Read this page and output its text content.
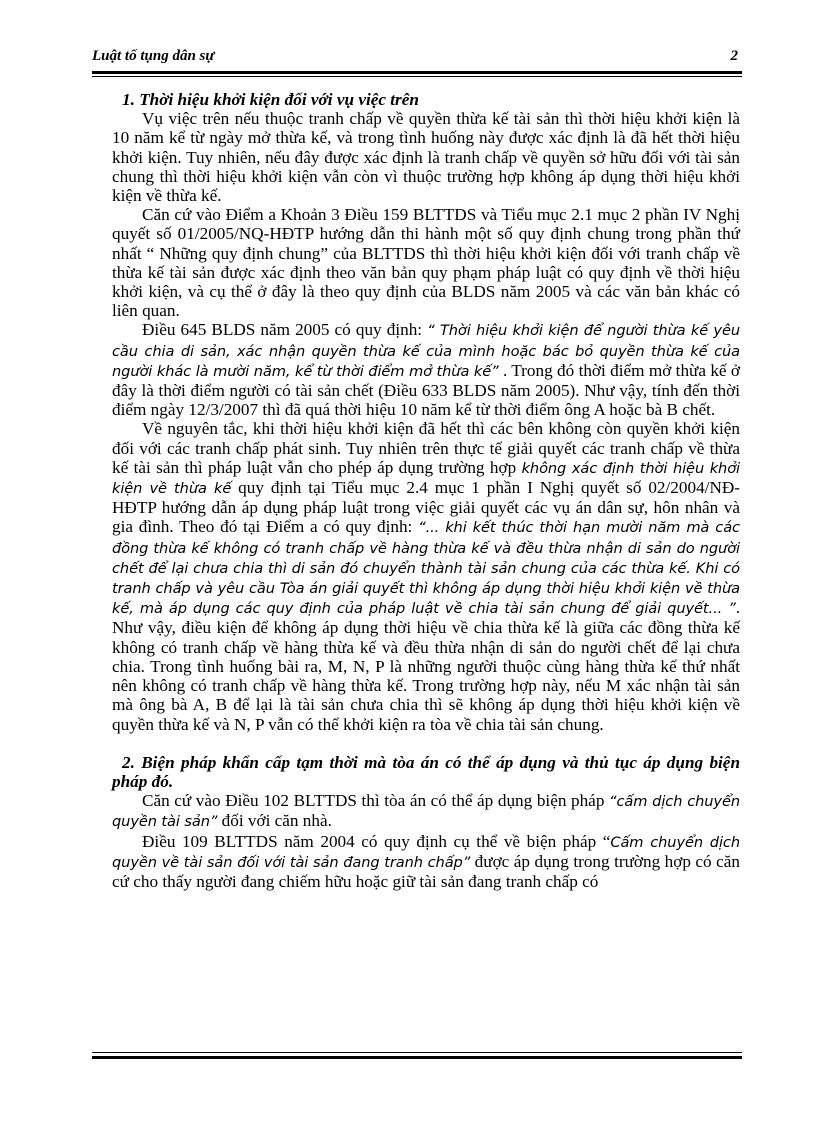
Luật tố tụng dân sự	2
1. Thời hiệu khởi kiện đối với vụ việc trên

Vụ việc trên nếu thuộc tranh chấp về quyền thừa kế tài sản thì thời hiệu khởi kiện là 10 năm kể từ ngày mở thừa kế, và trong tình huống này được xác định là đã hết thời hiệu khởi kiện. Tuy nhiên, nếu đây được xác định là tranh chấp về quyền sở hữu đối với tài sản chung thì thời hiệu khởi kiện vẫn còn vì thuộc trường hợp không áp dụng thời hiệu khởi kiện về thừa kế.

Căn cứ vào Điểm a Khoản 3 Điều 159 BLTTDS và Tiểu mục 2.1 mục 2 phần IV Nghị quyết số 01/2005/NQ-HĐTP hướng dẫn thi hành một số quy định chung trong phần thứ nhất “ Những quy định chung” của BLTTDS thì thời hiệu khởi kiện đối với tranh chấp về thừa kế tài sản được xác định theo văn bản quy phạm pháp luật có quy định về thời hiệu khởi kiện, và cụ thể ở đây là theo quy định của BLDS năm 2005 và các văn bản khác có liên quan.

Điều 645 BLDS năm 2005 có quy định: “ Thời hiệu khởi kiện để người thừa kế yêu cầu chia di sản, xác nhận quyền thừa kế của mình hoặc bác bỏ quyền thừa kế của người khác là mười năm, kể từ thời điểm mở thừa kế” . Trong đó thời điểm mở thừa kế ở đây là thời điểm người có tài sản chết (Điều 633 BLDS năm 2005). Như vậy, tính đến thời điểm ngày 12/3/2007 thì đã quá thời hiệu 10 năm kể từ thời điểm ông A hoặc bà B chết.

Về nguyên tắc, khi thời hiệu khởi kiện đã hết thì các bên không còn quyền khởi kiện đối với các tranh chấp phát sinh. Tuy nhiên trên thực tế giải quyết các tranh chấp về thừa kế tài sản thì pháp luật vẫn cho phép áp dụng trường hợp không xác định thời hiệu khởi kiện về thừa kế quy định tại Tiểu mục 2.4 mục 1 phần I Nghị quyết số 02/2004/NĐ-HĐTP hướng dẫn áp dụng pháp luật trong việc giải quyết các vụ án dân sự, hôn nhân và gia đình. Theo đó tại Điểm a có quy định: “... khi kết thúc thời hạn mười năm mà các đồng thừa kế không có tranh chấp về hàng thừa kế và đều thừa nhận di sản do người chết để lại chưa chia thì di sản đó chuyển thành tài sản chung của các thừa kế. Khi có tranh chấp và yêu cầu Tòa án giải quyết thì không áp dụng thời hiệu khởi kiện về thừa kế, mà áp dụng các quy định của pháp luật về chia tài sản chung để giải quyết... ”. Như vậy, điều kiện để không áp dụng thời hiệu về chia thừa kế là giữa các đồng thừa kế không có tranh chấp về hàng thừa kế và đều thừa nhận di sản do người chết để lại chưa chia. Trong tình huống bài ra, M, N, P là những người thuộc cùng hàng thừa kế thứ nhất nên không có tranh chấp về hàng thừa kế. Trong trường hợp này, nếu M xác nhận tài sản mà ông bà A, B để lại là tài sản chưa chia thì sẽ không áp dụng thời hiệu khởi kiện về quyền thừa kế và N, P vẫn có thể khởi kiện ra tòa về chia tài sản chung.

2. Biện pháp khẩn cấp tạm thời mà tòa án có thể áp dụng và thủ tục áp dụng biện pháp đó.

Căn cứ vào Điều 102 BLTTDS thì tòa án có thể áp dụng biện pháp “cấm dịch chuyển quyền tài sản” đối với căn nhà.

Điều 109 BLTTDS năm 2004 có quy định cụ thể về biện pháp “Cấm chuyển dịch quyền về tài sản đối với tài sản đang tranh chấp” được áp dụng trong trường hợp có căn cứ cho thấy người đang chiếm hữu hoặc giữ tài sản đang tranh chấp có
